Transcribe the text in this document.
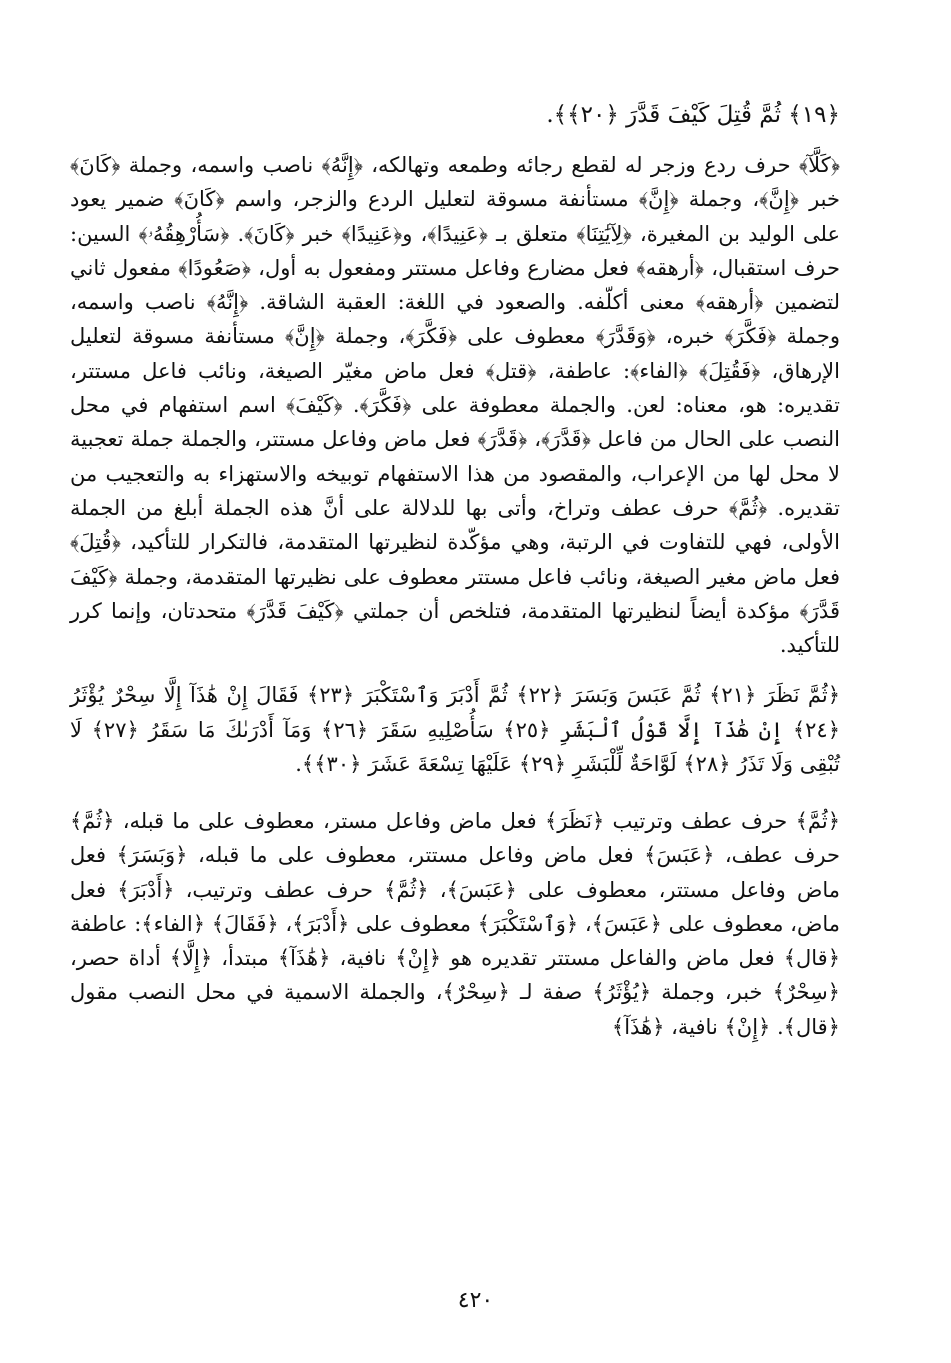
﴿١٩﴾ ثُمَّ قُتِلَ كَيْفَ قَدَّرَ ﴿٢٠﴾﴾.

﴿كَلَّآ﴾ حرف ردع وزجر له لقطع رجائه وطمعه وتهالكه، ﴿إِنَّهُ﴾ ناصب واسمه، وجملة ﴿كَانَ﴾ خبر ﴿إِنَّ﴾، وجملة ﴿إِنَّ﴾ مستأنفة مسوقة لتعليل الردع والزجر، واسم ﴿كَانَ﴾ ضمير يعود على الوليد بن المغيرة، ﴿لِآيَٰتِنَا﴾ متعلق بـ ﴿عَنِيدًا﴾، و﴿عَنِيدًا﴾ خبر ﴿كَانَ﴾. ﴿سَأُرْهِقُهُۥ﴾ السين: حرف استقبال، ﴿أرهقه﴾ فعل مضارع وفاعل مستتر ومفعول به أول، ﴿صَعُودًا﴾ مفعول ثاني لتضمين ﴿أرهقه﴾ معنى أكلّفه. والصعود في اللغة: العقبة الشاقة. ﴿إِنَّهُ﴾ ناصب واسمه، وجملة ﴿فَكَّرَ﴾ خبره، ﴿وَقَدَّرَ﴾ معطوف على ﴿فَكَّرَ﴾، وجملة ﴿إِنَّ﴾ مستأنفة مسوقة لتعليل الإرهاق، ﴿فَقُتِلَ﴾ ﴿الفاء﴾: عاطفة، ﴿قتل﴾ فعل ماض مغيّر الصيغة، ونائب فاعل مستتر، تقديره: هو، معناه: لعن. والجملة معطوفة على ﴿فَكَّرَ﴾. ﴿كَيْفَ﴾ اسم استفهام في محل النصب على الحال من فاعل ﴿قَدَّرَ﴾، ﴿قَدَّرَ﴾ فعل ماض وفاعل مستتر، والجملة جملة تعجبية لا محل لها من الإعراب، والمقصود من هذا الاستفهام توبيخه والاستهزاء به والتعجيب من تقديره. ﴿ثُمَّ﴾ حرف عطف وتراخ، وأتى بها للدلالة على أنَّ هذه الجملة أبلغ من الجملة الأولى، فهي للتفاوت في الرتبة، وهي مؤكّدة لنظيرتها المتقدمة، فالتكرار للتأكيد، ﴿قُتِلَ﴾ فعل ماض مغير الصيغة، ونائب فاعل مستتر معطوف على نظيرتها المتقدمة، وجملة ﴿كَيْفَ قَدَّرَ﴾ مؤكدة أيضاً لنظيرتها المتقدمة، فتلخص أن جملتي ﴿كَيْفَ قَدَّرَ﴾ متحدتان، وإنما كرر للتأكيد.

﴿ثُمَّ نَظَرَ ﴿٢١﴾ ثُمَّ عَبَسَ وَبَسَرَ ﴿٢٢﴾ ثُمَّ أَدْبَرَ وَٱسْتَكْبَرَ ﴿٢٣﴾ فَقَالَ إِنْ هَٰذَآ إِلَّا سِحْرٌ يُؤْثَرُ ﴿٢٤﴾ إِنْ هَٰذَآ إِلَّا قَوْلُ ٱلْبَشَرِ ﴿٢٥﴾ سَأُصْلِيهِ سَقَرَ ﴿٢٦﴾ وَمَآ أَدْرَىٰكَ مَا سَقَرُ ﴿٢٧﴾ لَا تُبْقِى وَلَا تَذَرُ ﴿٢٨﴾ لَوَّاحَةٌ لِّلْبَشَرِ ﴿٢٩﴾ عَلَيْهَا تِسْعَةَ عَشَرَ ﴿٣٠﴾﴾.

﴿ثُمَّ﴾ حرف عطف وترتيب ﴿نَظَرَ﴾ فعل ماض وفاعل مستر، معطوف على ما قبله، ﴿ثُمَّ﴾ حرف عطف، ﴿عَبَسَ﴾ فعل ماض وفاعل مستتر، معطوف على ما قبله، ﴿وَبَسَرَ﴾ فعل ماض وفاعل مستتر، معطوف على ﴿عَبَسَ﴾، ﴿ثُمَّ﴾ حرف عطف وترتيب، ﴿أَدْبَرَ﴾ فعل ماض، معطوف على ﴿عَبَسَ﴾، ﴿وَٱسْتَكْبَرَ﴾ معطوف على ﴿أَدْبَرَ﴾، ﴿فَقَالَ﴾ ﴿الفاء﴾: عاطفة ﴿قال﴾ فعل ماض والفاعل مستتر تقديره هو ﴿إِنْ﴾ نافية، ﴿هَٰذَآ﴾ مبتدأ، ﴿إِلَّا﴾ أداة حصر، ﴿سِحْرٌ﴾ خبر، وجملة ﴿يُؤْثَرُ﴾ صفة لـ ﴿سِحْرٌ﴾، والجملة الاسمية في محل النصب مقول ﴿قال﴾. ﴿إِنْ﴾ نافية، ﴿هَٰذَآ﴾

٤٢٠
